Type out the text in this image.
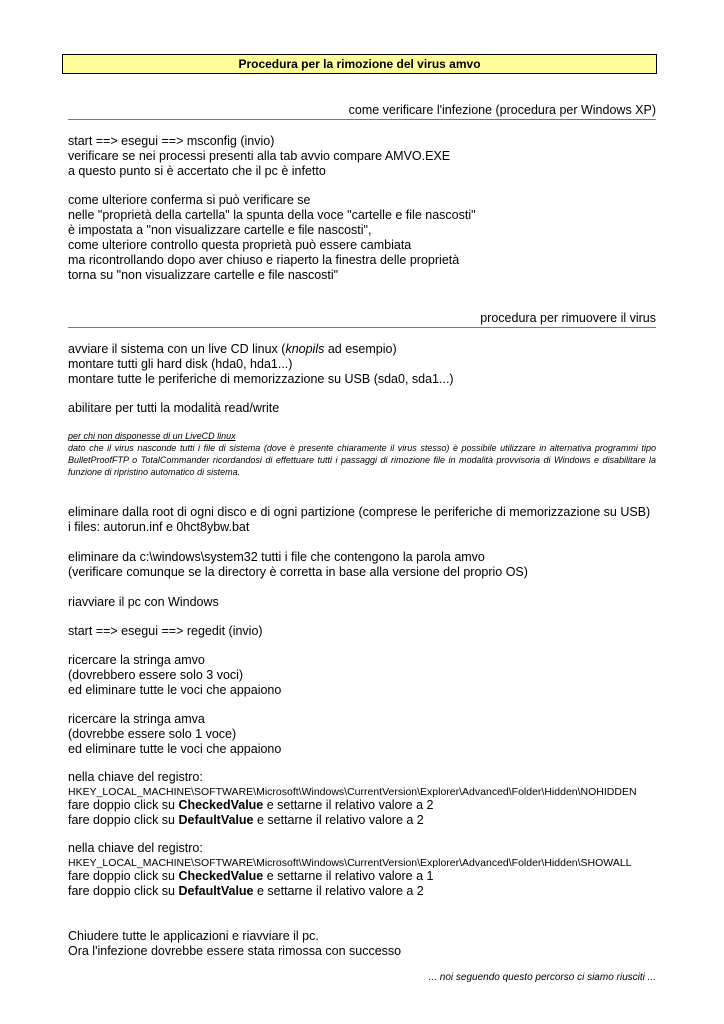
Procedura per la rimozione del virus amvo
come verificare l'infezione (procedura per Windows XP)
start ==> esegui ==> msconfig (invio)
verificare se nei processi presenti alla tab avvio compare AMVO.EXE
a questo punto si è accertato che il pc è infetto
come ulteriore conferma si può verificare se
nelle "proprietà della cartella" la spunta della voce "cartelle e file nascosti"
è impostata a "non visualizzare cartelle e file nascosti",
come ulteriore controllo questa proprietà può essere cambiata
ma ricontrollando dopo aver chiuso e riaperto la finestra delle proprietà
torna su "non visualizzare cartelle e file nascosti"
procedura per rimuovere il virus
avviare il sistema con un live CD linux (knopils ad esempio)
montare tutti gli hard disk (hda0, hda1...)
montare tutte le periferiche di memorizzazione su USB (sda0, sda1...)
abilitare per tutti la modalità read/write
per chi non disponesse di un LiveCD linux
dato che il virus nasconde tutti i file di sistema (dove è presente chiaramente il virus stesso) è possibile utilizzare in alternativa programmi tipo BulletProofFTP o TotalCommander ricordandosi di effettuare tutti i passaggi di rimozione file in modalità provvisoria di Windows e disabilitare la funzione di ripristino automatico di sistema.
eliminare dalla root di ogni disco e di ogni partizione (comprese le periferiche di memorizzazione su USB)
i files: autorun.inf e 0hct8ybw.bat
eliminare da c:\windows\system32 tutti i file che contengono la parola amvo
(verificare comunque se la directory è corretta in base alla versione del proprio OS)
riavviare il pc con Windows
start ==> esegui ==> regedit (invio)
ricercare la stringa amvo
(dovrebbero essere solo 3 voci)
ed eliminare tutte le voci che appaiono
ricercare la stringa amva
(dovrebbe essere solo 1 voce)
ed eliminare tutte le voci che appaiono
nella chiave del registro:
HKEY_LOCAL_MACHINE\SOFTWARE\Microsoft\Windows\CurrentVersion\Explorer\Advanced\Folder\Hidden\NOHIDDEN
fare doppio click su CheckedValue e settarne il relativo valore a 2
fare doppio click su DefaultValue e settarne il relativo valore a 2
nella chiave del registro:
HKEY_LOCAL_MACHINE\SOFTWARE\Microsoft\Windows\CurrentVersion\Explorer\Advanced\Folder\Hidden\SHOWALL
fare doppio click su CheckedValue e settarne il relativo valore a 1
fare doppio click su DefaultValue e settarne il relativo valore a 2
Chiudere tutte le applicazioni e riavviare il pc.
Ora l'infezione dovrebbe essere stata rimossa con successo
... noi seguendo questo percorso ci siamo riusciti ...
